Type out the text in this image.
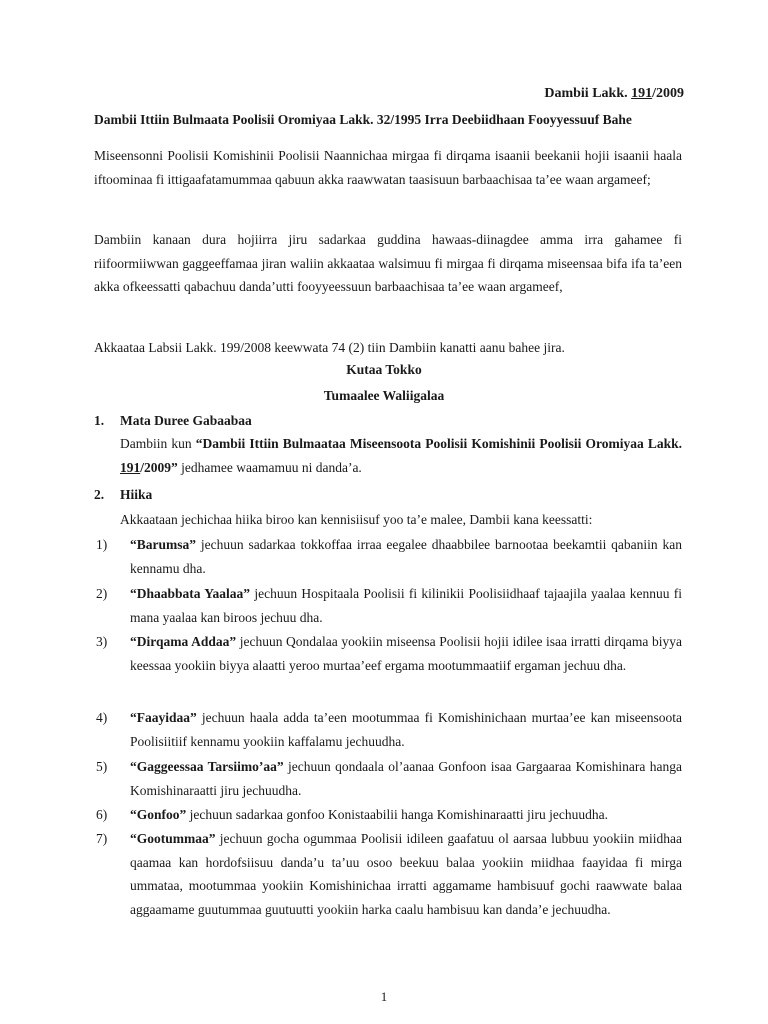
Dambii Lakk. 191/2009
Dambii Ittiin Bulmaata Poolisii Oromiyaa Lakk. 32/1995 Irra Deebiidhaan Fooyyessuuf Bahe
Miseensonni Poolisii Komishinii Poolisii Naannichaa mirgaa fi dirqama isaanii beekanii hojii isaanii haala iftoominaa fi ittigaafatamummaa qabuun akka raawwatan taasisuun barbaachisaa ta’ee waan argameef;
Dambiin kanaan dura hojiirra jiru sadarkaa guddina hawaas-diinagdee amma irra gahamee fi riifoormiiwwan gaggeeffamaa jiran waliin akkaataa walsimuu fi mirgaa fi dirqama miseensaa bifa ifa ta’een akka ofkeessatti qabachuu danda’utti fooyyeessuun barbaachisaa ta’ee waan argameef,
Akkaataa Labsii Lakk. 199/2008 keewwata 74 (2) tiin Dambiin kanatti aanu bahee jira.
Kutaa Tokko
Tumaalee Waliigalaa
1. Mata Duree Gabaabaa
Dambiin kun “Dambii Ittiin Bulmaataa Miseensoota Poolisii Komishinii Poolisii Oromiyaa Lakk. 191/2009” jedhamee waamamuu ni danda’a.
2. Hiika
Akkaataan jechichaa hiika biroo kan kennisiisuf yoo ta’e malee, Dambii kana keessatti:
1)	“Barumsa” jechuun sadarkaa tokkoffaa irraa eegalee dhaabbilee barnootaa beekamtii qabaniin kan kennamu dha.
2)	“Dhaabbata Yaalaa” jechuun Hospitaala Poolisii fi kilinikii Poolisiidhaaf tajaajila yaalaa kennuu fi mana yaalaa kan biroos jechuu dha.
3)	“Dirqama Addaa” jechuun Qondalaa yookiin miseensa Poolisii hojii idilee isaa irratti dirqama biyya keessaa yookiin biyya alaatti yeroo murtaa’eef ergama mootummaatiif ergaman jechuu dha.
4)	“Faayidaa” jechuun haala adda ta’een mootummaa fi Komishinichaan murtaa’ee kan miseensoota Poolisiitiif kennamu yookiin kaffalamu jechuudha.
5)	“Gaggeessaa Tarsiimo’aa” jechuun qondaala ol’aanaa Gonfoon isaa Gargaaraa Komishinara hanga Komishinaraatti jiru jechuudha.
6)	“Gonfoo” jechuun sadarkaa gonfoo Konistaabilii hanga Komishinaraatti jiru jechuudha.
7)	“Gootummaa” jechuun gocha ogummaa Poolisii idileen gaafatuu ol aarsaa lubbuu yookiin miidhaa qaamaa kan hordofsiisuu danda’u ta’uu osoo beekuu balaa yookiin miidhaa faayidaa fi mirga ummataa, mootummaa yookiin Komishinichaa irratti aggamame hambisuuf gochi raawwate balaa aggaamame guutummaa guutuutti yookiin harka caalu hambisuu kan danda’e jechuudha.
1
